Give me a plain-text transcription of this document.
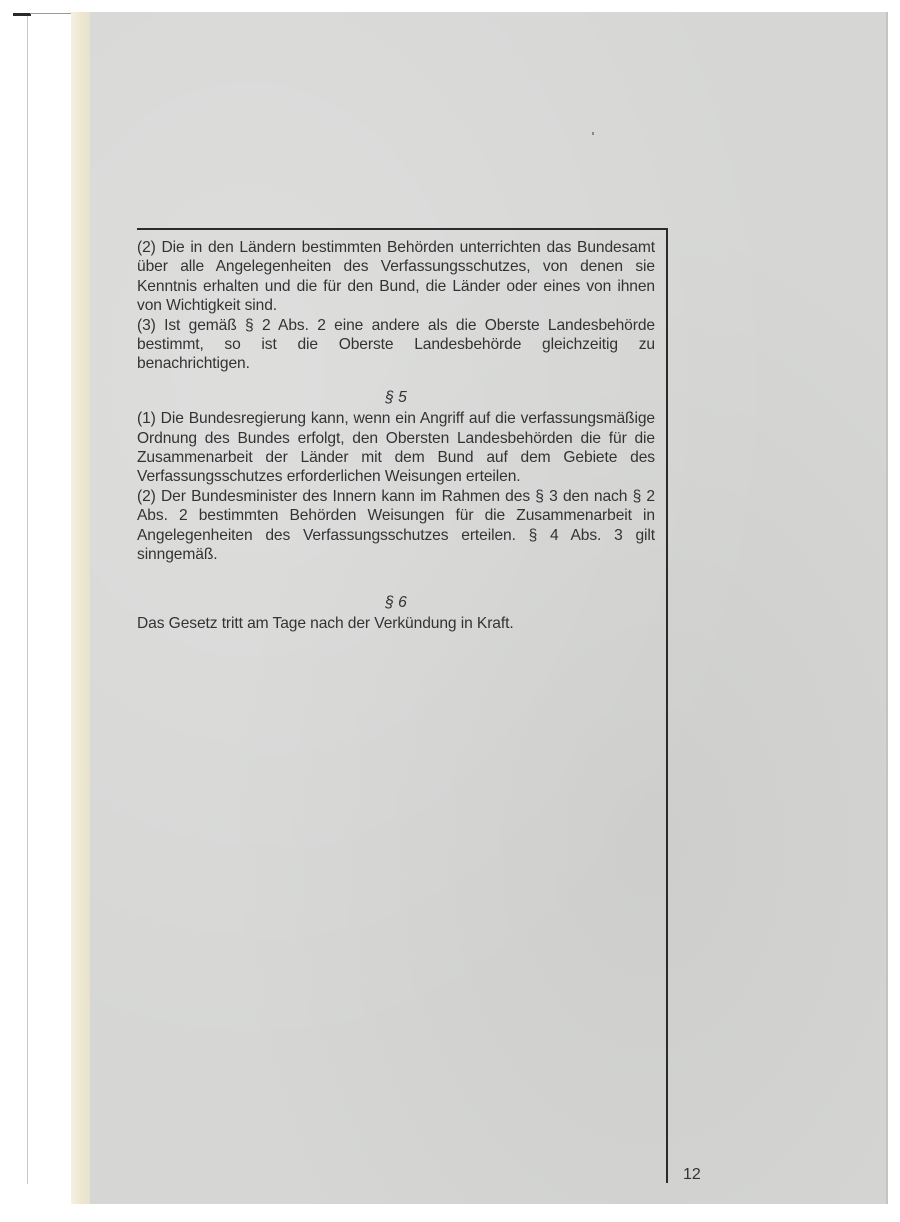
(2) Die in den Ländern bestimmten Behörden unterrichten das Bundesamt über alle Angelegenheiten des Verfassungsschutzes, von denen sie Kenntnis erhalten und die für den Bund, die Länder oder eines von ihnen von Wichtigkeit sind.

(3) Ist gemäß § 2 Abs. 2 eine andere als die Oberste Landesbehörde bestimmt, so ist die Oberste Landesbehörde gleichzeitig zu benachrichtigen.

§ 5

(1) Die Bundesregierung kann, wenn ein Angriff auf die verfassungsmäßige Ordnung des Bundes erfolgt, den Obersten Landesbehörden die für die Zusammenarbeit der Länder mit dem Bund auf dem Gebiete des Verfassungsschutzes erforderlichen Weisungen erteilen.

(2) Der Bundesminister des Innern kann im Rahmen des § 3 den nach § 2 Abs. 2 bestimmten Behörden Weisungen für die Zusammenarbeit in Angelegenheiten des Verfassungsschutzes erteilen. § 4 Abs. 3 gilt sinngemäß.

§ 6

Das Gesetz tritt am Tage nach der Verkündung in Kraft.

12
